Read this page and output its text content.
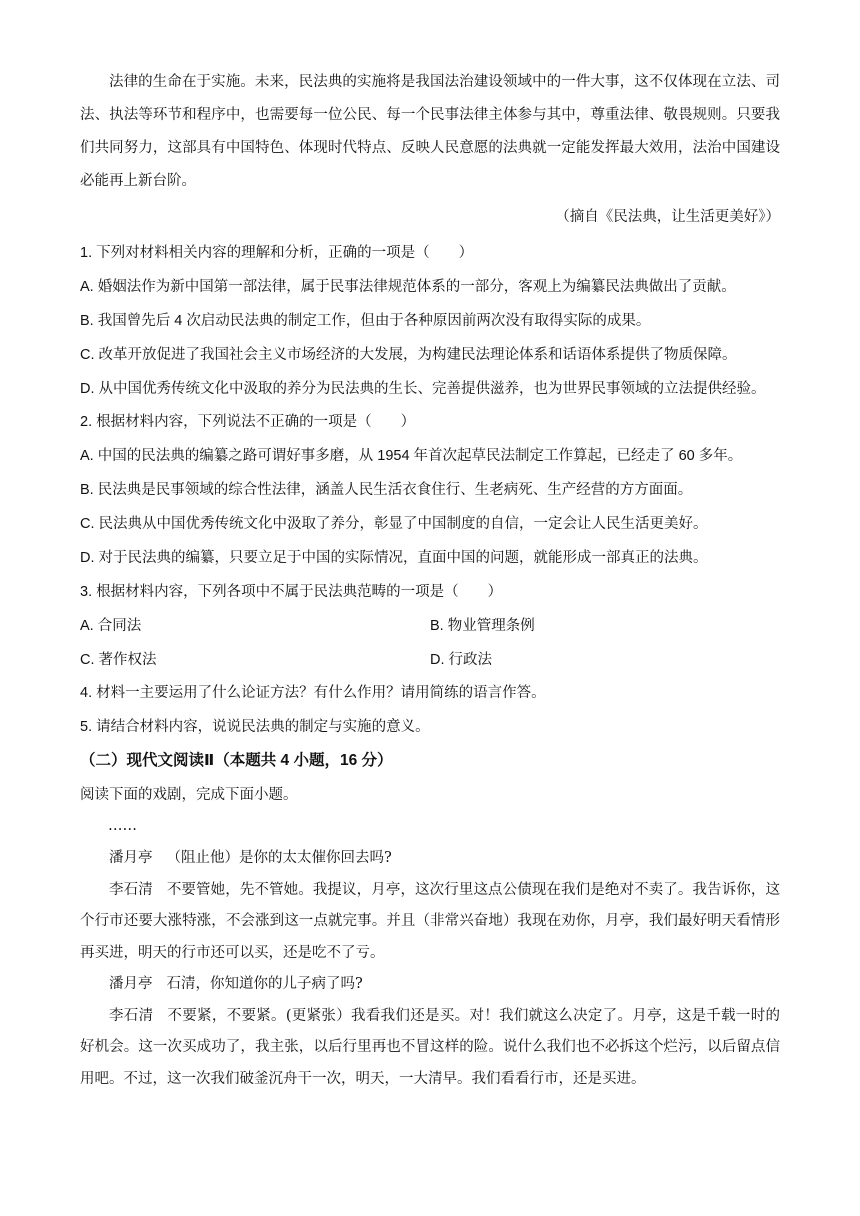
法律的生命在于实施。未来，民法典的实施将是我国法治建设领域中的一件大事，这不仅体现在立法、司法、执法等环节和程序中，也需要每一位公民、每一个民事法律主体参与其中，尊重法律、敬畏规则。只要我们共同努力，这部具有中国特色、体现时代特点、反映人民意愿的法典就一定能发挥最大效用，法治中国建设必能再上新台阶。

（摘自《民法典，让生活更美好》）
1. 下列对材料相关内容的理解和分析，正确的一项是（　　）
A. 婚姻法作为新中国第一部法律，属于民事法律规范体系的一部分，客观上为编纂民法典做出了贡献。
B. 我国曾先后 4 次启动民法典的制定工作，但由于各种原因前两次没有取得实际的成果。
C. 改革开放促进了我国社会主义市场经济的大发展，为构建民法理论体系和话语体系提供了物质保障。
D. 从中国优秀传统文化中汲取的养分为民法典的生长、完善提供滋养，也为世界民事领域的立法提供经验。
2. 根据材料内容，下列说法不正确的一项是（　　）
A. 中国的民法典的编纂之路可谓好事多磨，从 1954 年首次起草民法制定工作算起，已经走了 60 多年。
B. 民法典是民事领域的综合性法律，涵盖人民生活衣食住行、生老病死、生产经营的方方面面。
C. 民法典从中国优秀传统文化中汲取了养分，彰显了中国制度的自信，一定会让人民生活更美好。
D. 对于民法典的编纂，只要立足于中国的实际情况，直面中国的问题，就能形成一部真正的法典。
3. 根据材料内容，下列各项中不属于民法典范畴的一项是（　　）
A. 合同法	B. 物业管理条例
C. 著作权法	D. 行政法
4. 材料一主要运用了什么论证方法？有什么作用？请用简练的语言作答。
5. 请结合材料内容，说说民法典的制定与实施的意义。
（二）现代文阅读Ⅱ（本题共 4 小题，16 分）
阅读下面的戏剧，完成下面小题。
……

潘月亭 （阻止他）是你的太太催你回去吗?

李石清 不要管她，先不管她。我提议，月亭，这次行里这点公债现在我们是绝对不卖了。我告诉你，这个行市还要大涨特涨，不会涨到这一点就完事。并且（非常兴奋地）我现在劝你，月亭，我们最好明天看情形再买进，明天的行市还可以买，还是吃不了亏。

潘月亭 石清，你知道你的儿子病了吗?

李石清 不要紧，不要紧。(更紧张）我看我们还是买。对！我们就这么决定了。月亭，这是千载一时的好机会。这一次买成功了，我主张，以后行里再也不冒这样的险。说什么我们也不必拆这个烂污，以后留点信用吧。不过，这一次我们破釜沉舟干一次，明天，一大清早。我们看看行市，还是买进。
